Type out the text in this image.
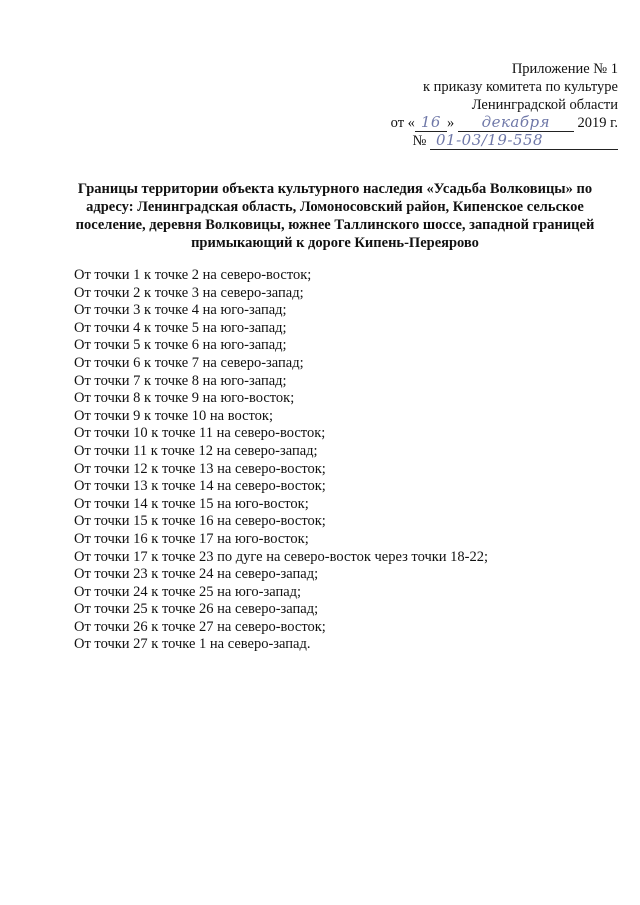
Приложение № 1
к приказу комитета по культуре
Ленинградской области
от « 16 » декабря 2019 г.
№ 01-03/19-558
Границы территории объекта культурного наследия «Усадьба Волковицы» по адресу: Ленинградская область, Ломоносовский район, Кипенское сельское поселение, деревня Волковицы, южнее Таллинского шоссе, западной границей примыкающий к дороге Кипень-Переярово
От точки 1 к точке 2 на северо-восток;
От точки 2 к точке 3 на северо-запад;
От точки 3 к точке 4 на юго-запад;
От точки 4 к точке 5 на юго-запад;
От точки 5 к точке 6 на юго-запад;
От точки 6 к точке 7 на северо-запад;
От точки 7 к точке 8 на юго-запад;
От точки 8 к точке 9 на юго-восток;
От точки 9 к точке 10 на восток;
От точки 10 к точке 11 на северо-восток;
От точки 11 к точке 12 на северо-запад;
От точки 12 к точке 13 на северо-восток;
От точки 13 к точке 14 на северо-восток;
От точки 14 к точке 15 на юго-восток;
От точки 15 к точке 16 на северо-восток;
От точки 16 к точке 17 на юго-восток;
От точки 17 к точке 23 по дуге на северо-восток через точки 18-22;
От точки 23 к точке 24 на северо-запад;
От точки 24 к точке 25 на юго-запад;
От точки 25 к точке 26 на северо-запад;
От точки 26 к точке 27 на северо-восток;
От точки 27 к точке 1 на северо-запад.
